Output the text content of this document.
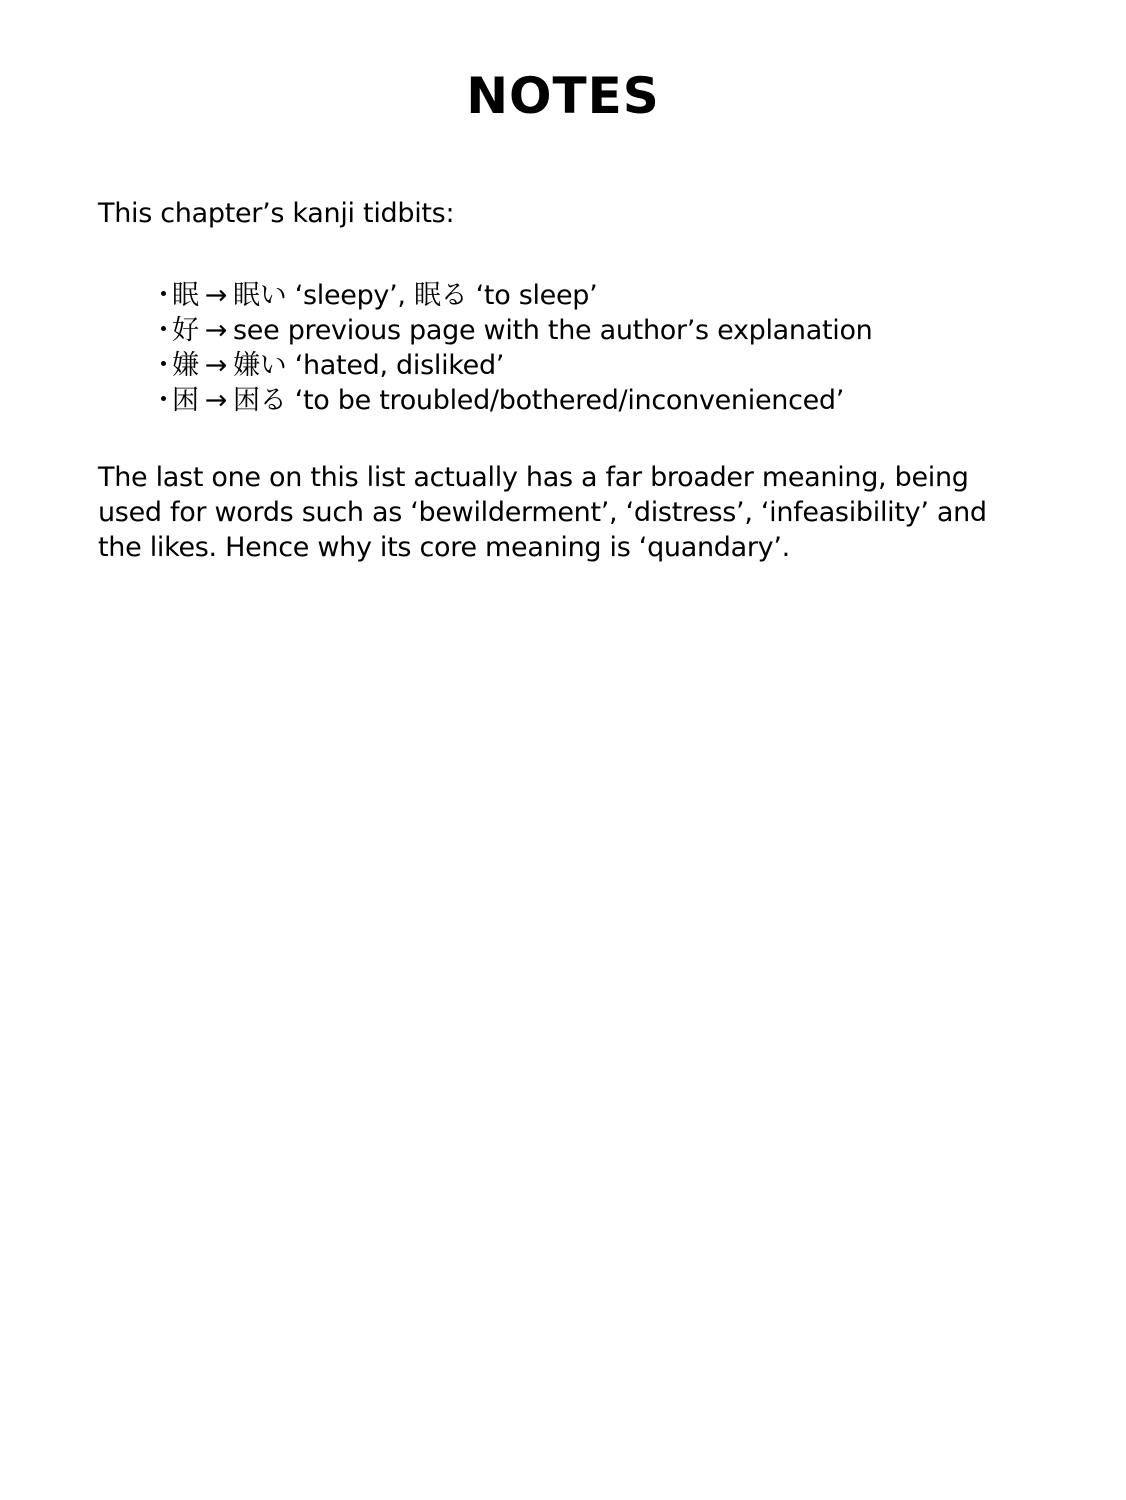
NOTES
This chapter’s kanji tidbits:
・眠 → 眠い ‘sleepy’, 眠る ‘to sleep’
・好 → see previous page with the author’s explanation
・嫌 → 嫌い ‘hated, disliked’
・困 → 困る ‘to be troubled/bothered/inconvenienced’

The last one on this list actually has a far broader meaning, being used for words such as ‘bewilderment’, ‘distress’, ‘infeasibility’ and the likes. Hence why its core meaning is ‘quandary’.
